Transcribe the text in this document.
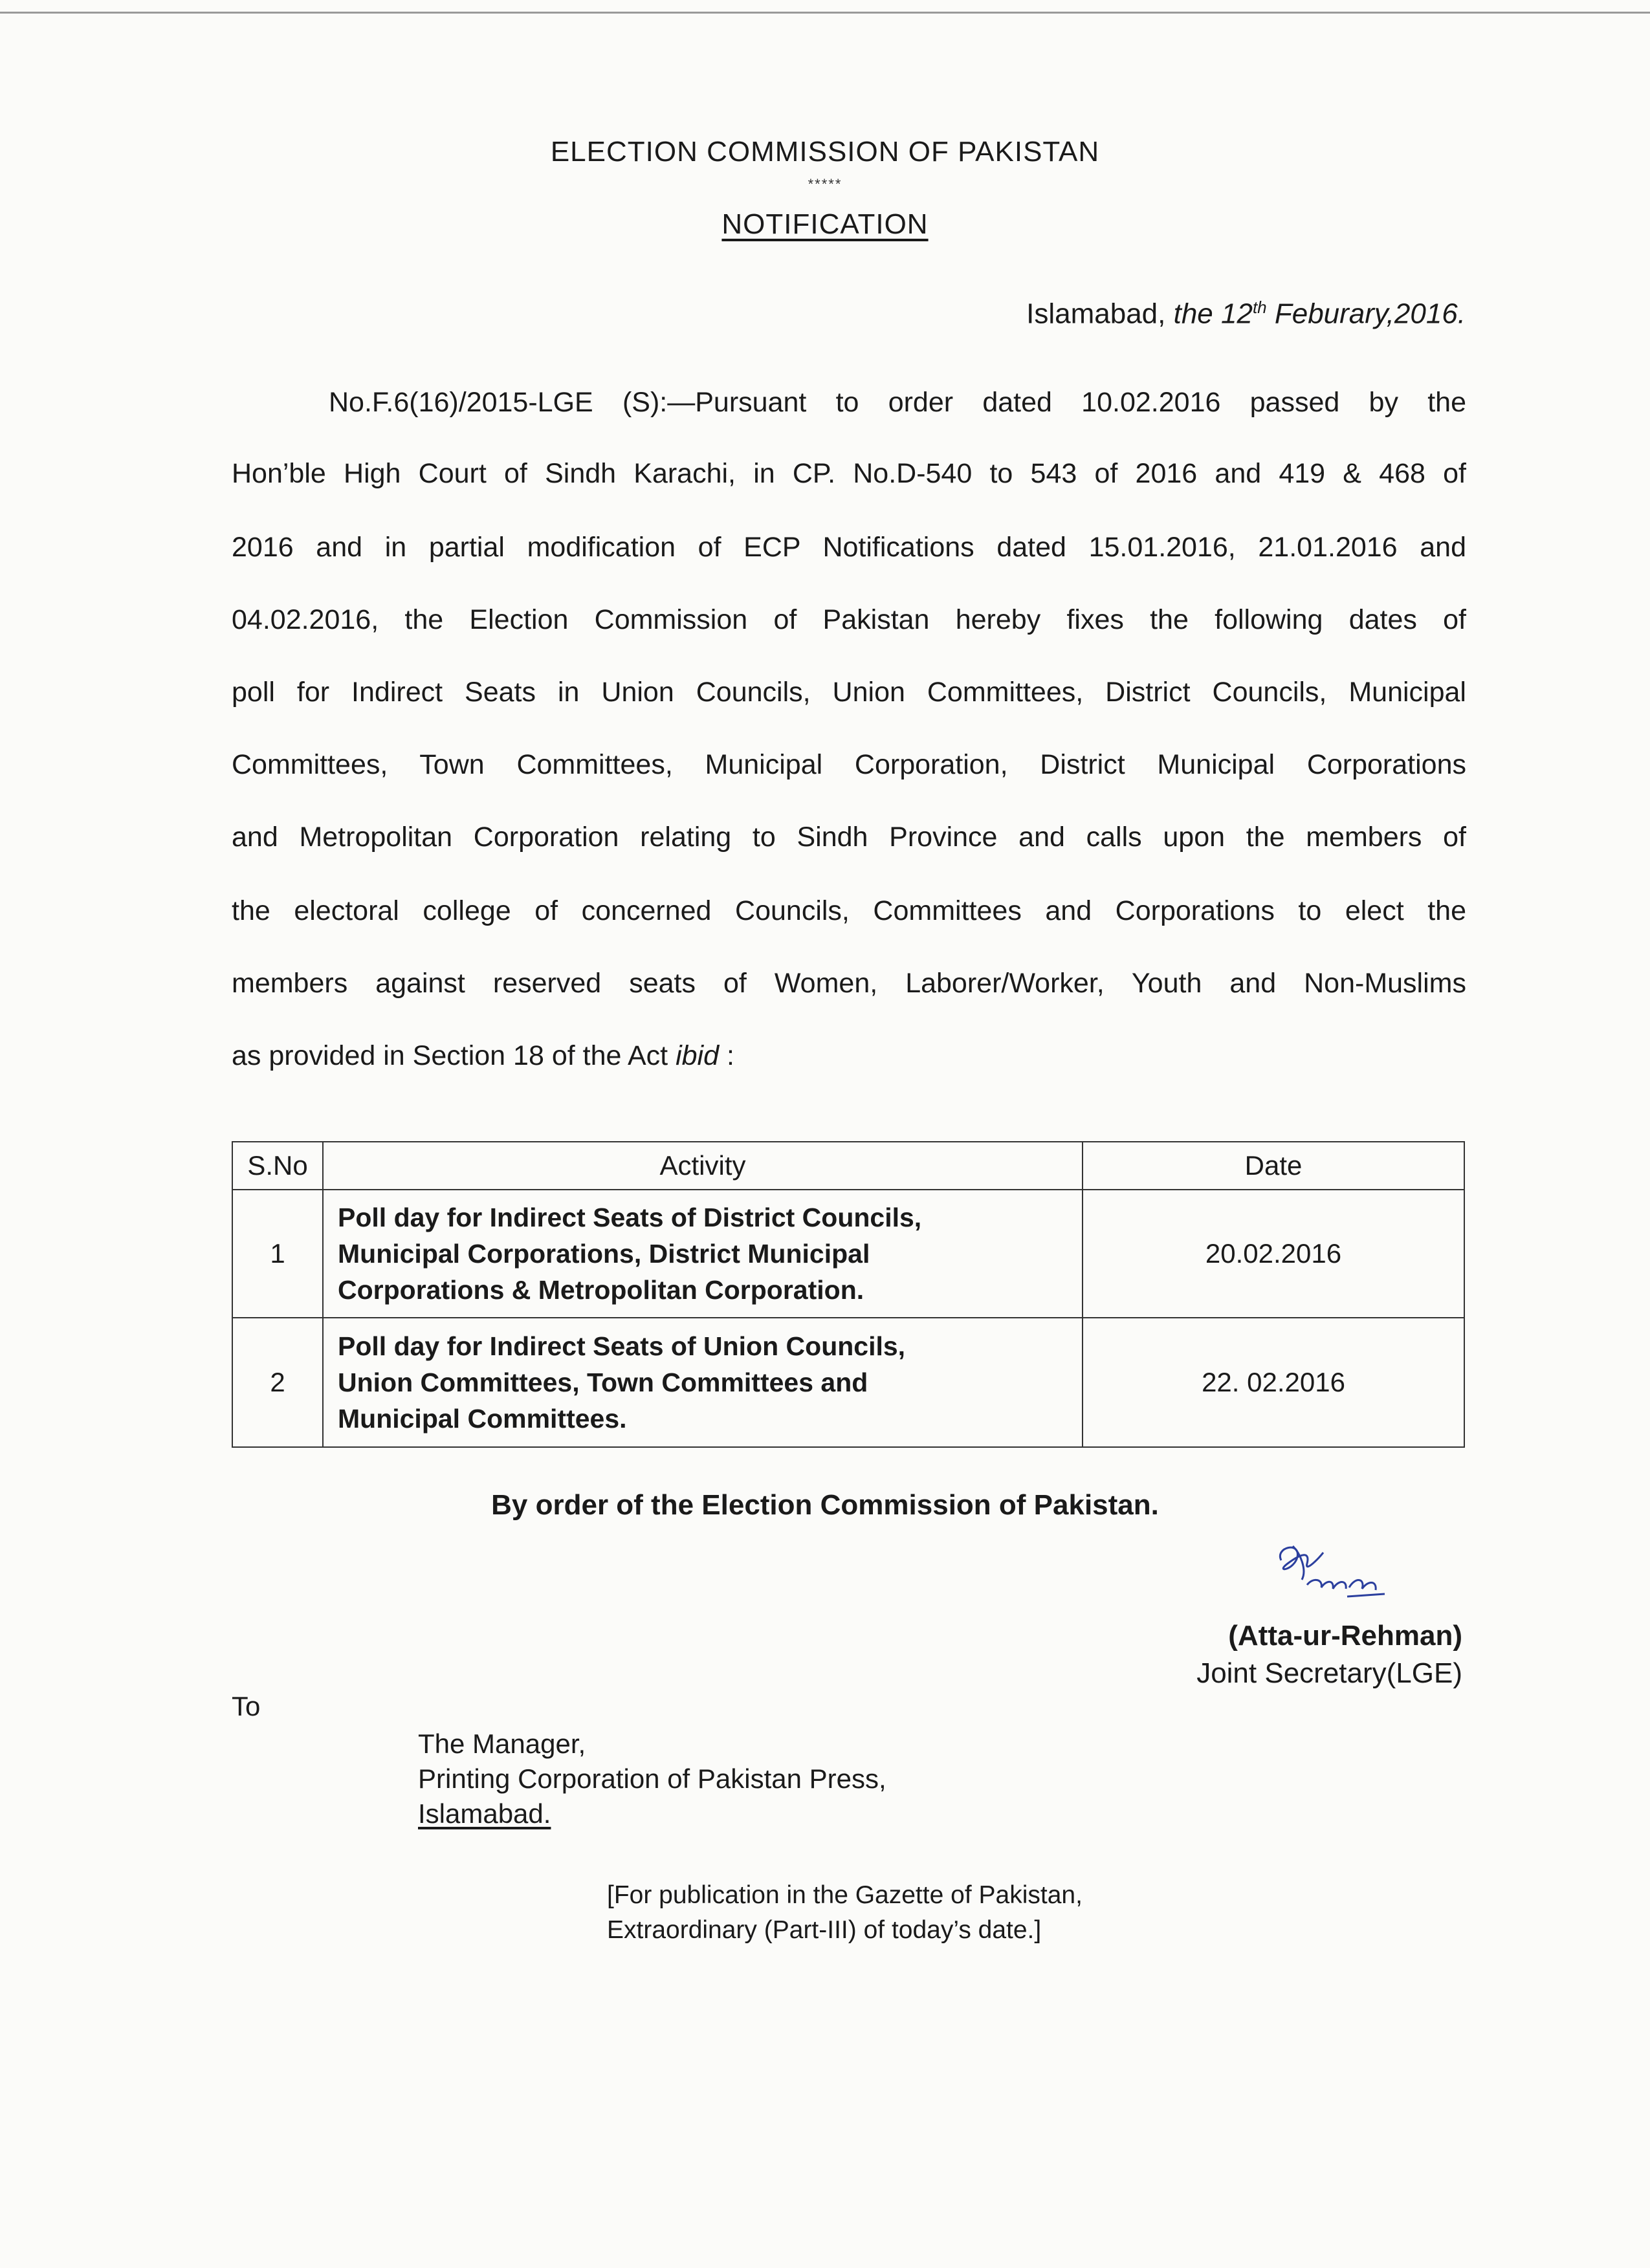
ELECTION COMMISSION OF PAKISTAN
*****
NOTIFICATION
Islamabad, the 12th Feburary,2016.
No.F.6(16)/2015-LGE (S):—Pursuant to order dated 10.02.2016 passed by the
Hon’ble High Court of Sindh Karachi, in CP. No.D-540 to 543 of 2016 and 419 & 468 of
2016 and in partial modification of ECP Notifications dated 15.01.2016, 21.01.2016 and
04.02.2016, the Election Commission of Pakistan hereby fixes the following dates of
poll for Indirect Seats in Union Councils, Union Committees, District Councils, Municipal
Committees, Town Committees, Municipal Corporation, District Municipal Corporations
and Metropolitan Corporation relating to Sindh Province and calls upon the members of
the electoral college of concerned Councils, Committees and Corporations to elect the
members against reserved seats of Women, Laborer/Worker, Youth and Non-Muslims
as provided in Section 18 of the Act ibid :
S.No	Activity	Date
1	Poll day for Indirect Seats of District Councils,
Municipal Corporations, District Municipal
Corporations & Metropolitan Corporation.	20.02.2016
2	Poll day for Indirect Seats of Union Councils,
Union Committees, Town Committees and
Municipal Committees.	22. 02.2016
By order of the Election Commission of Pakistan.
(Atta-ur-Rehman)
Joint Secretary(LGE)
To
The Manager,
Printing Corporation of Pakistan Press,
Islamabad.
[For publication in the Gazette of Pakistan,
Extraordinary (Part-III) of today’s date.]
